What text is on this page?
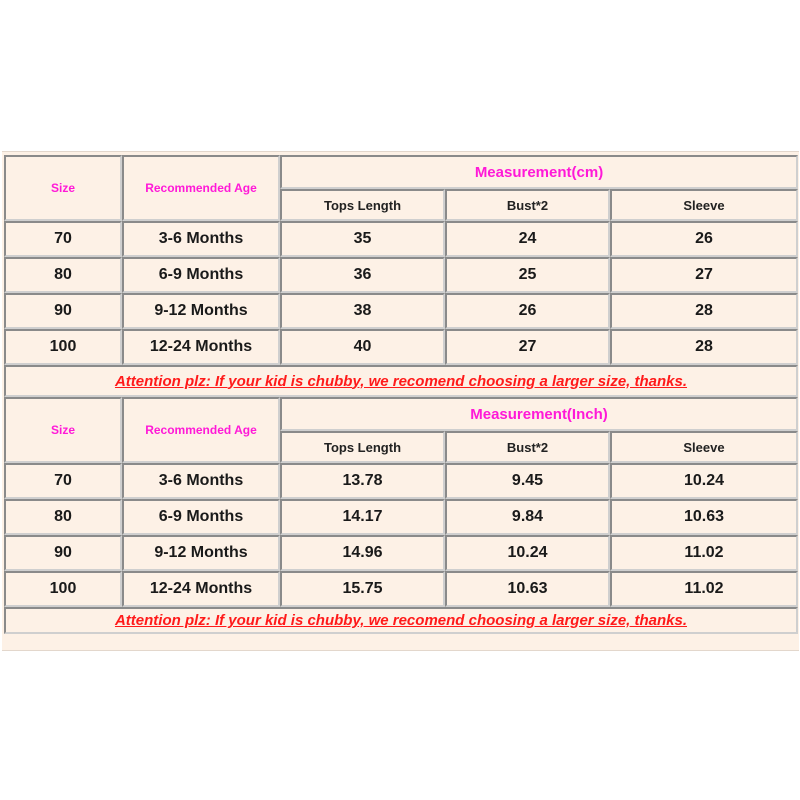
Size	Recommended Age	Measurement(cm)		
		Tops Length	Bust*2	Sleeve
70	3-6 Months	35	24	26
80	6-9 Months	36	25	27
90	9-12 Months	38	26	28
100	12-24 Months	40	27	28
Attention plz: If your kid is chubby, we recomend choosing a larger size, thanks.				
Size	Recommended Age	Measurement(Inch)		
		Tops Length	Bust*2	Sleeve
70	3-6 Months	13.78	9.45	10.24
80	6-9 Months	14.17	9.84	10.63
90	9-12 Months	14.96	10.24	11.02
100	12-24 Months	15.75	10.63	11.02
Attention plz: If your kid is chubby, we recomend choosing a larger size, thanks.				
